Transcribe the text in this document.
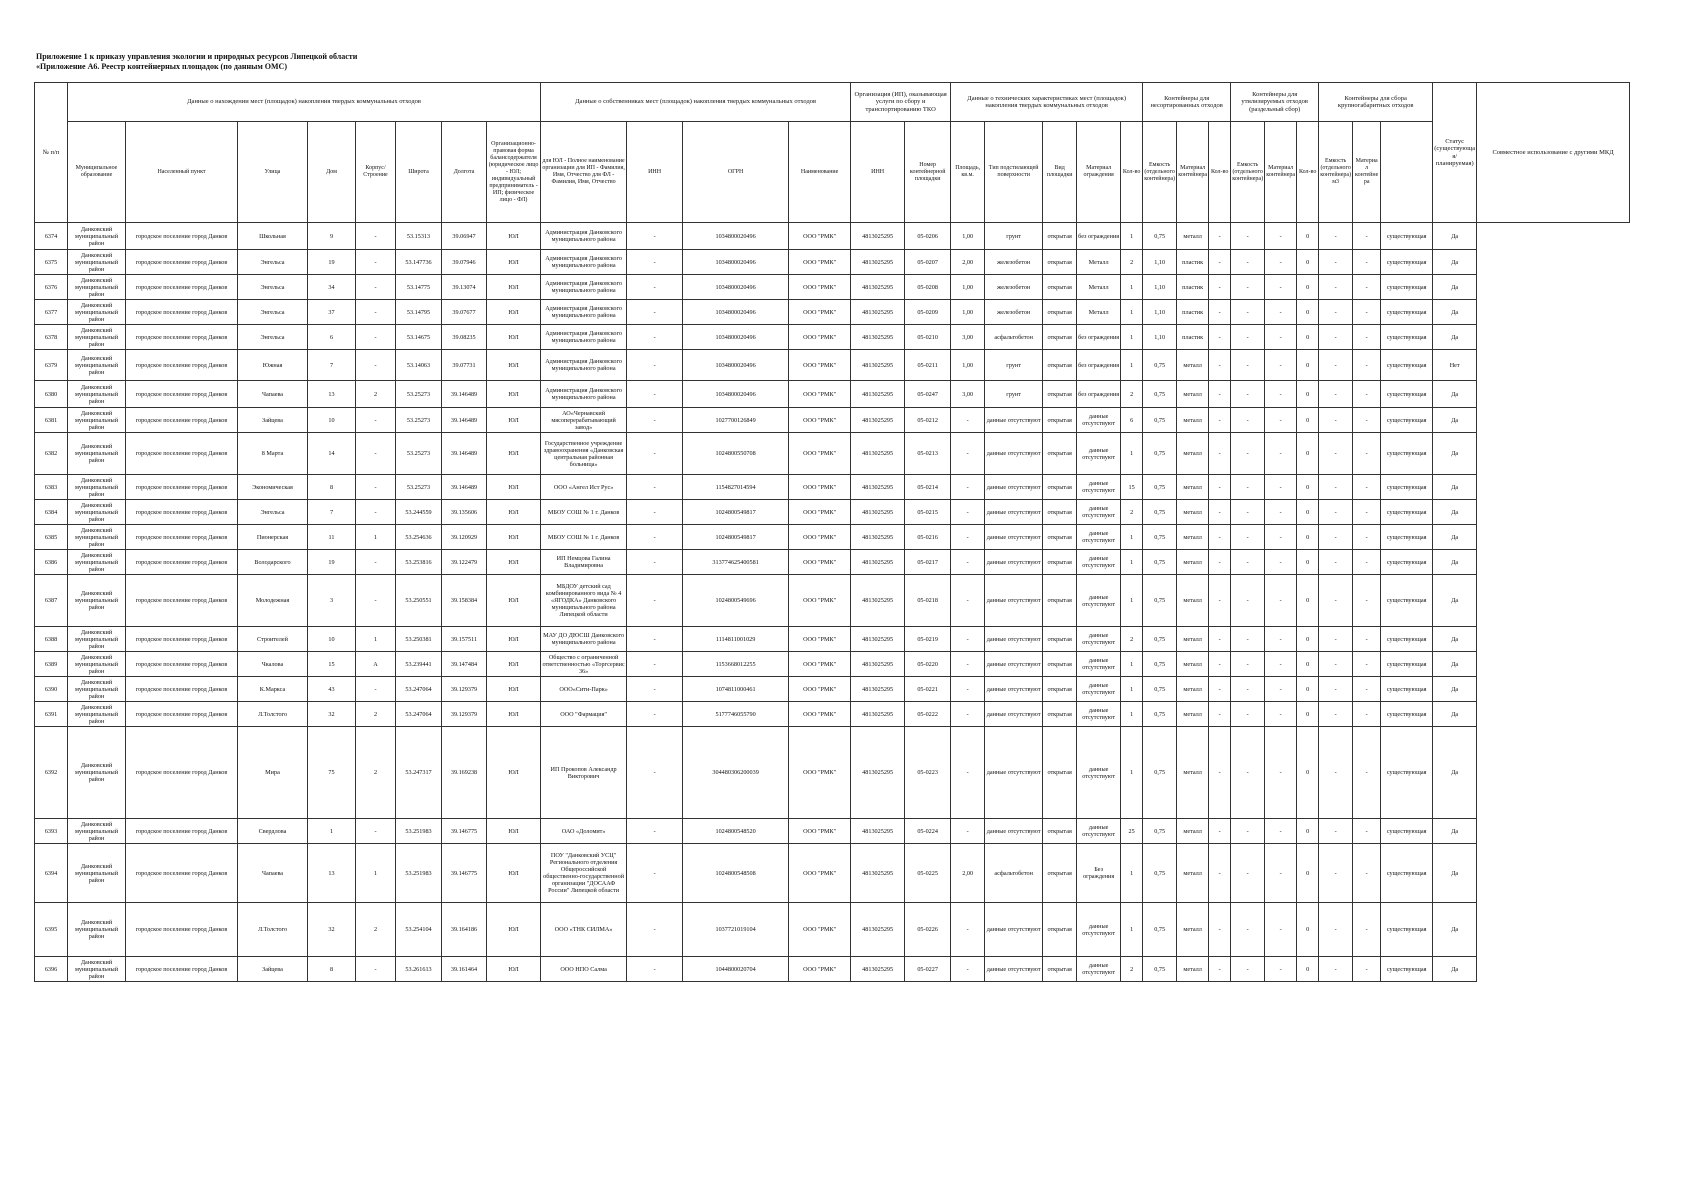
Приложение 1 к приказу управления экологии и природных ресурсов Липецкой области
«Приложение А6. Реестр контейнерных площадок (по данным ОМС)
№ п/п	Данные о нахождении мест (площадок) накопления твердых коммунальных отходов								Данные о собственниках мест (площадок) накопления твердых коммунальных отходов				Организация (ИП), оказывающая услуги по сбору и транспортированию ТКО		Данные о технических характеристиках мест (площадок) накопления твердых коммунальных отходов					Контейнеры для несортированных отходов			Контейнеры для утилизируемых отходов (раздельный сбор)			Контейнеры для сбора крупногабаритных отходов			Статус (существующая/ планируемая)	Совместное использование с другими МКД
	Муниципальное образование	Населенный пункт	Улица	Дом	Корпус/Строение	Широта	Долгота	Организационно-правовая форма балансодержателя (юридическое лицо - ЮЛ; индивидуальный предприниматель - ИП; физическое лицо - ФЛ)	для ЮЛ - Полное наименование организации для ИП - Фамилия, Имя, Отчество для ФЛ - Фамилия, Имя, Отчество	ИНН	ОГРН	Наименование	ИНН	Номер контейнерной площадки	Площадь, кв.м.	Тип подстилающей поверхности	Вид площадки	Материал ограждения	Кол-во	Емкость (отдельного контейнера)	Материал контейнера	Кол-во	Емкость (отдельного контейнера)	Материал контейнера	Кол-во	Емкость (отдельного контейнера) м3	Материал контейнера			
6374	Данковский муниципальный район	городское поселение город Данков	Школьная	9	-	53.15313	39.06947	ЮЛ	Администрация Данковского муниципального района	-	1034800020496	ООО "РМК"	4813025295	05-0206	1,00	грунт	открытая	без ограждения	1	0,75	металл	-	-	-	0	-	-	существующая	Да	
6375	Данковский муниципальный район	городское поселение город Данков	Энгельса	19	-	53.147736	39.07946	ЮЛ	Администрация Данковского муниципального района	-	1034800020496	ООО "РМК"	4813025295	05-0207	2,00	железобетон	открытая	Металл	2	1,10	пластик	-	-	-	0	-	-	существующая	Да	
6376	Данковский муниципальный район	городское поселение город Данков	Энгельса	34	-	53.14775	39.13074	ЮЛ	Администрация Данковского муниципального района	-	1034800020496	ООО "РМК"	4813025295	05-0208	1,00	железобетон	открытая	Металл	1	1,10	пластик	-	-	-	0	-	-	существующая	Да	
6377	Данковский муниципальный район	городское поселение город Данков	Энгельса	37	-	53.14795	39.07677	ЮЛ	Администрация Данковского муниципального района	-	1034800020496	ООО "РМК"	4813025295	05-0209	1,00	железобетон	открытая	Металл	1	1,10	пластик	-	-	-	0	-	-	существующая	Да	
6378	Данковский муниципальный район	городское поселение город Данков	Энгельса	6	-	53.14675	39.08235	ЮЛ	Администрация Данковского муниципального района	-	1034800020496	ООО "РМК"	4813025295	05-0210	3,00	асфальтобетон	открытая	без ограждения	1	1,10	пластик	-	-	-	0	-	-	существующая	Да	
6379	Данковский муниципальный район	городское поселение город Данков	Южная	7	-	53.14063	39.07731	ЮЛ	Администрация Данковского муниципального района	-	1034800020496	ООО "РМК"	4813025295	05-0211	1,00	грунт	открытая	без ограждения	1	0,75	металл	-	-	-	0	-	-	существующая	Нет	
6380	Данковский муниципальный район	городское поселение город Данков	Чапаева	13	2	53.25273	39.146489	ЮЛ	Администрация Данковского муниципального района	-	1034800020496	ООО "РМК"	4813025295	05-0247	3,00	грунт	открытая	без ограждения	2	0,75	металл	-	-	-	0	-	-	существующая	Да	
6381	Данковский муниципальный район	городское поселение город Данков	Зайцева	10	-	53.25273	39.146489	ЮЛ	АО«Чернавский мясоперерабатывающий завод»	-	1027700126849	ООО "РМК"	4813025295	05-0212	-	данные отсутствуют	открытая	данные отсутствуют	6	0,75	металл	-	-	-	0	-	-	существующая	Да	
6382	Данковский муниципальный район	городское поселение город Данков	8 Марта	14	-	53.25273	39.146489	ЮЛ	Государственное учреждение здравоохранения «Данковская центральная районная больница»	-	1024800550708	ООО "РМК"	4813025295	05-0213	-	данные отсутствуют	открытая	данные отсутствуют	1	0,75	металл	-	-	-	0	-	-	существующая	Да	
6383	Данковский муниципальный район	городское поселение город Данков	Экономическая	8	-	53.25273	39.146489	ЮЛ	ООО «Ангел Ист Рус»	-	1154827014594	ООО "РМК"	4813025295	05-0214	-	данные отсутствуют	открытая	данные отсутствуют	15	0,75	металл	-	-	-	0	-	-	существующая	Да	
6384	Данковский муниципальный район	городское поселение город Данков	Энгельса	7	-	53.244559	39.135606	ЮЛ	МБОУ СОШ № 1 г. Данков	-	1024800549817	ООО "РМК"	4813025295	05-0215	-	данные отсутствуют	открытая	данные отсутствуют	2	0,75	металл	-	-	-	0	-	-	существующая	Да	
6385	Данковский муниципальный район	городское поселение город Данков	Пионерская	11	1	53.254636	39.120929	ЮЛ	МБОУ СОШ № 1 г. Данков	-	1024800549817	ООО "РМК"	4813025295	05-0216	-	данные отсутствуют	открытая	данные отсутствуют	1	0,75	металл	-	-	-	0	-	-	существующая	Да	
6386	Данковский муниципальный район	городское поселение город Данков	Володарского	19	-	53.253816	39.122479	ЮЛ	ИП Немцова Галина Владимировна	-	313774625400581	ООО "РМК"	4813025295	05-0217	-	данные отсутствуют	открытая	данные отсутствуют	1	0,75	металл	-	-	-	0	-	-	существующая	Да	
6387	Данковский муниципальный район	городское поселение город Данков	Молодежная	3	-	53.250551	39.158384	ЮЛ	МБДОУ детский сад комбинированного вида № 4 «ЯГОДКА» Данковского муниципального района Липецкой области	-	1024800549696	ООО "РМК"	4813025295	05-0218	-	данные отсутствуют	открытая	данные отсутствуют	1	0,75	металл	-	-	-	0	-	-	существующая	Да	
6388	Данковский муниципальный район	городское поселение город Данков	Строителей	10	1	53.250381	39.157511	ЮЛ	МАУ ДО ДЮСШ Данковского муниципального района	-	1114811001029	ООО "РМК"	4813025295	05-0219	-	данные отсутствуют	открытая	данные отсутствуют	2	0,75	металл	-	-	-	0	-	-	существующая	Да	
6389	Данковский муниципальный район	городское поселение город Данков	Чкалова	15	А	53.239441	39.147484	ЮЛ	Общество с ограниченной ответственностью «Торгсервис 36»	-	1153668012255	ООО "РМК"	4813025295	05-0220	-	данные отсутствуют	открытая	данные отсутствуют	1	0,75	металл	-	-	-	0	-	-	существующая	Да	
6390	Данковский муниципальный район	городское поселение город Данков	К.Маркса	43	-	53.247064	39.129379	ЮЛ	ООО«Сити-Парк»	-	1074811000461	ООО "РМК"	4813025295	05-0221	-	данные отсутствуют	открытая	данные отсутствуют	1	0,75	металл	-	-	-	0	-	-	существующая	Да	
6391	Данковский муниципальный район	городское поселение город Данков	Л.Толстого	32	2	53.247064	39.129379	ЮЛ	ООО "Фармация"	-	5177746055790	ООО "РМК"	4813025295	05-0222	-	данные отсутствуют	открытая	данные отсутствуют	1	0,75	металл	-	-	-	0	-	-	существующая	Да	
6392	Данковский муниципальный район	городское поселение город Данков	Мира	75	2	53.247317	39.169238	ЮЛ	ИП Прокопов Александр Викторович	-	304480306200039	ООО "РМК"	4813025295	05-0223	-	данные отсутствуют	открытая	данные отсутствуют	1	0,75	металл	-	-	-	0	-	-	существующая	Да	
6393	Данковский муниципальный район	городское поселение город Данков	Свердлова	1	-	53.251983	39.146775	ЮЛ	ОАО «Доломит»	-	1024800548520	ООО "РМК"	4813025295	05-0224	-	данные отсутствуют	открытая	данные отсутствуют	25	0,75	металл	-	-	-	0	-	-	существующая	Да	
6394	Данковский муниципальный район	городское поселение город Данков	Чапаева	13	1	53.251983	39.146775	ЮЛ	ПОУ "Данковский УСЦ" Регионального отделения Общероссийской общественно-государственной организации "ДОСААФ России" Липецкой области	-	1024800548508	ООО "РМК"	4813025295	05-0225	2,00	асфальтобетон	открытая	Без ограждения	1	0,75	металл	-	-	-	0	-	-	существующая	Да	
6395	Данковский муниципальный район	городское поселение город Данков	Л.Толстого	32	2	53.254104	39.164186	ЮЛ	ООО «ТНК СИЛМА»	-	1037721019104	ООО "РМК"	4813025295	05-0226	-	данные отсутствуют	открытая	данные отсутствуют	1	0,75	металл	-	-	-	0	-	-	существующая	Да	
6396	Данковский муниципальный район	городское поселение город Данков	Зайцева	8	-	53.261613	39.161464	ЮЛ	ООО НПО Салма	-	1044800020704	ООО "РМК"	4813025295	05-0227	-	данные отсутствуют	открытая	данные отсутствуют	2	0,75	металл	-	-	-	0	-	-	существующая	Да	
